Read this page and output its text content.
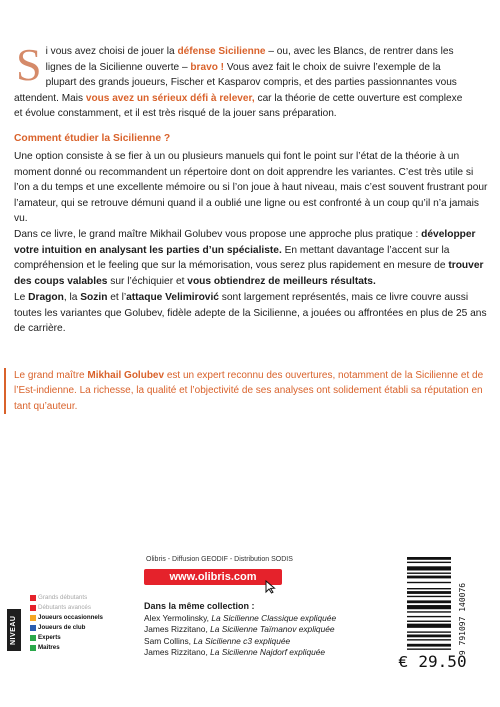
Si vous avez choisi de jouer la défense Sicilienne – ou, avec les Blancs, de rentrer dans les lignes de la Sicilienne ouverte – bravo ! Vous avez fait le choix de suivre l’exemple de la plupart des grands joueurs, Fischer et Kasparov compris, et des parties passionnantes vous attendent. Mais vous avez un sérieux défi à relever, car la théorie de cette ouverture est complexe et évolue constamment, et il est très risqué de la jouer sans préparation.

Comment étudier la Sicilienne ?

Une option consiste à se fier à un ou plusieurs manuels qui font le point sur l’état de la théorie à un moment donné ou recommandent un répertoire dont on doit apprendre les variantes. C’est très utile si l’on a du temps et une excellente mémoire ou si l’on joue à haut niveau, mais c’est souvent frustrant pour l’amateur, qui se retrouve démuni quand il a oublié une ligne ou est confronté à un coup qu’il n’a jamais vu.
Dans ce livre, le grand maître Mikhail Golubev vous propose une approche plus pratique : développer votre intuition en analysant les parties d’un spécialiste. En mettant davantage l’accent sur la compréhension et le feeling que sur la mémorisation, vous serez plus rapidement en mesure de trouver des coups valables sur l’échiquier et vous obtiendrez de meilleurs résultats.

Le Dragon, la Sozin et l’attaque Velimirović sont largement représentés, mais ce livre couvre aussi toutes les variantes que Golubev, fidèle adepte de la Sicilienne, a jouées ou affrontées en plus de 25 ans de carrière.

Le grand maître Mikhail Golubev est un expert reconnu des ouvertures, notamment de la Sicilienne et de l’Est-indienne. La richesse, la qualité et l’objectivité de ses analyses ont solidement établi sa réputation en tant qu’auteur.

Olibris - Diffusion GEODIF - Distribution SODIS
www.olibris.com
Dans la même collection :
Alex Yermolinsky, La Sicilienne Classique expliquée
James Rizzitano, La Sicilienne Taïmanov expliquée
Sam Collins, La Sicilienne c3 expliquée
James Rizzitano, La Sicilienne Najdorf expliquée
NIVEAU
Grands débutants
Débutants avancés
Joueurs occasionnels
Joueurs de club
Experts
Maîtres	9 791097 140076
€ 29.50
